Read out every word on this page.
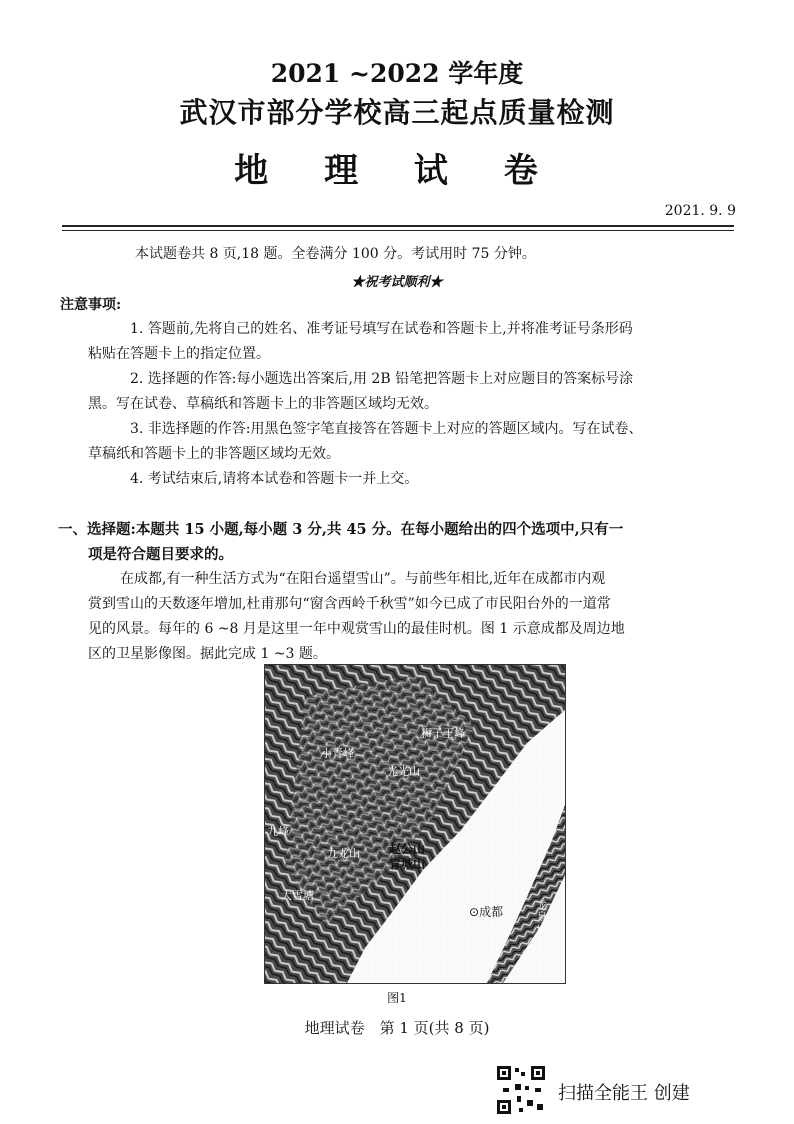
2021 ~2022 学年度
武汉市部分学校高三起点质量检测
地 理 试 卷
2021. 9. 9
本试题卷共 8 页,18 题。全卷满分 100 分。考试用时 75 分钟。
★祝考试顺利★
注意事项:
1. 答题前,先将自己的姓名、准考证号填写在试卷和答题卡上,并将准考证号条形码
粘贴在答题卡上的指定位置。
2. 选择题的作答:每小题选出答案后,用 2B 铅笔把答题卡上对应题目的答案标号涂
黑。写在试卷、草稿纸和答题卡上的非答题区域均无效。
3. 非选择题的作答:用黑色签字笔直接答在答题卡上对应的答题区域内。写在试卷、
草稿纸和答题卡上的非答题区域均无效。
4. 考试结束后,请将本试卷和答题卡一并上交。
一、选择题:本题共 15 小题,每小题 3 分,共 45 分。在每小题给出的四个选项中,只有一
项是符合题目要求的。
在成都,有一种生活方式为“在阳台遥望雪山”。与前些年相比,近年在成都市内观
赏到雪山的天数逐年增加,杜甫那句“窗含西岭千秋雪”如今已成了市民阳台外的一道常
见的风景。每年的 6 ~8 月是这里一年中观赏雪山的最佳时机。图 1 示意成都及周边地
区的卫星影像图。据此完成 1 ~3 题。
狮子王峰
小青峰
光光山
九峰
九龙山 赵公山
青城山
大雪塘
⊙成都	龙泉山
图1
地理试卷　第 1 页(共 8 页)
扫描全能王 创建
